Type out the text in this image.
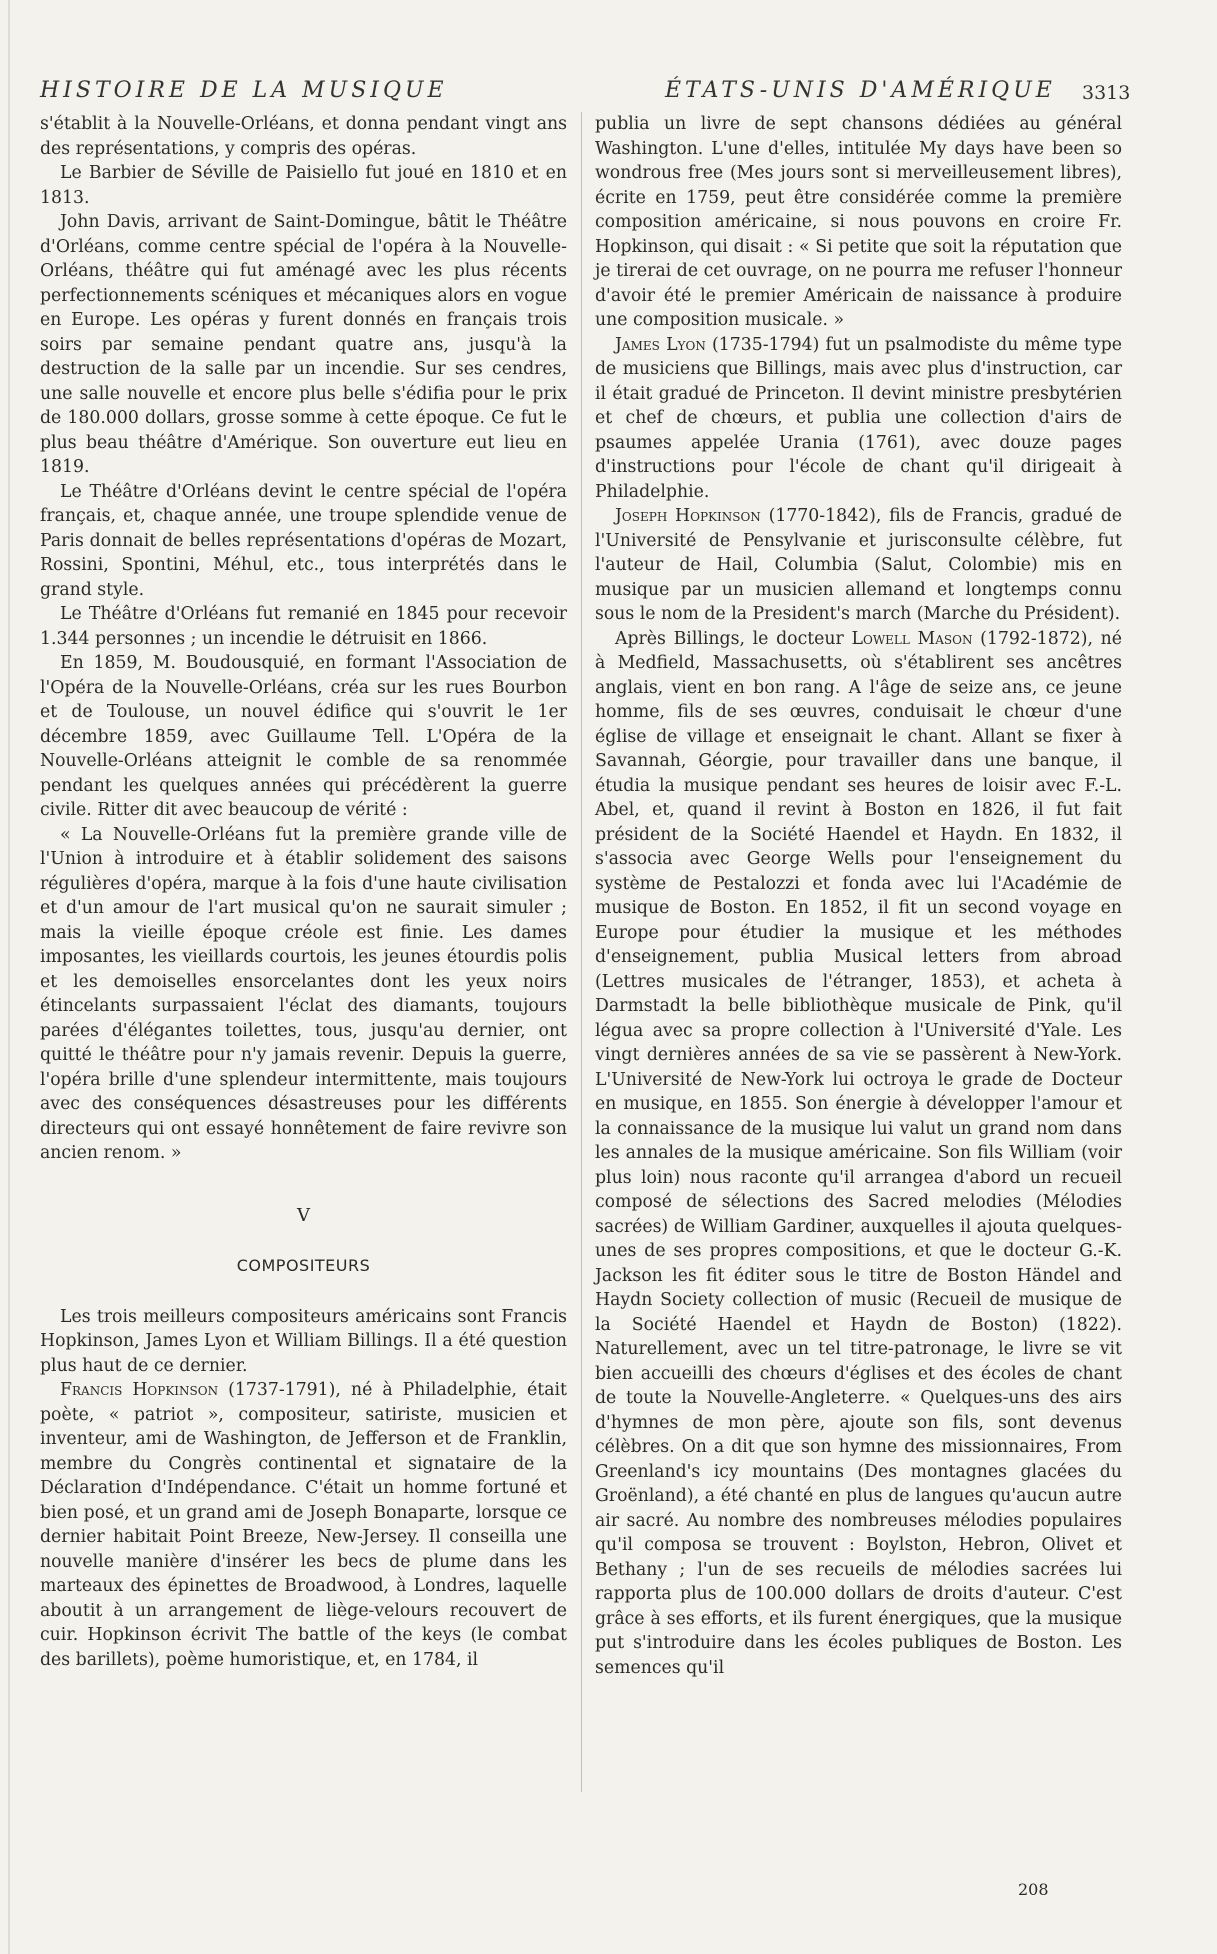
HISTOIRE DE LA MUSIQUE	ÉTATS-UNIS D'AMÉRIQUE 3313

s'établit à la Nouvelle-Orléans, et donna pendant vingt ans des représentations, y compris des opéras.

Le Barbier de Séville de Paisiello fut joué en 1810 et en 1813.

John Davis, arrivant de Saint-Domingue, bâtit le Théâtre d'Orléans, comme centre spécial de l'opéra à la Nouvelle-Orléans, théâtre qui fut aménagé avec les plus récents perfectionnements scéniques et mécaniques alors en vogue en Europe. Les opéras y furent donnés en français trois soirs par semaine pendant quatre ans, jusqu'à la destruction de la salle par un incendie. Sur ses cendres, une salle nouvelle et encore plus belle s'édifia pour le prix de 180.000 dollars, grosse somme à cette époque. Ce fut le plus beau théâtre d'Amérique. Son ouverture eut lieu en 1819.

Le Théâtre d'Orléans devint le centre spécial de l'opéra français, et, chaque année, une troupe splendide venue de Paris donnait de belles représentations d'opéras de Mozart, Rossini, Spontini, Méhul, etc., tous interprétés dans le grand style.

Le Théâtre d'Orléans fut remanié en 1845 pour recevoir 1.344 personnes ; un incendie le détruisit en 1866.

En 1859, M. Boudousquié, en formant l'Association de l'Opéra de la Nouvelle-Orléans, créa sur les rues Bourbon et de Toulouse, un nouvel édifice qui s'ouvrit le 1er décembre 1859, avec Guillaume Tell. L'Opéra de la Nouvelle-Orléans atteignit le comble de sa renommée pendant les quelques années qui précédèrent la guerre civile. Ritter dit avec beaucoup de vérité :

« La Nouvelle-Orléans fut la première grande ville de l'Union à introduire et à établir solidement des saisons régulières d'opéra, marque à la fois d'une haute civilisation et d'un amour de l'art musical qu'on ne saurait simuler ; mais la vieille époque créole est finie. Les dames imposantes, les vieillards courtois, les jeunes étourdis polis et les demoiselles ensorcelantes dont les yeux noirs étincelants surpassaient l'éclat des diamants, toujours parées d'élégantes toilettes, tous, jusqu'au dernier, ont quitté le théâtre pour n'y jamais revenir. Depuis la guerre, l'opéra brille d'une splendeur intermittente, mais toujours avec des conséquences désastreuses pour les différents directeurs qui ont essayé honnêtement de faire revivre son ancien renom. »

V
COMPOSITEURS

Les trois meilleurs compositeurs américains sont Francis Hopkinson, James Lyon et William Billings. Il a été question plus haut de ce dernier.

Francis Hopkinson (1737-1791), né à Philadelphie, était poète, « patriot », compositeur, satiriste, musicien et inventeur, ami de Washington, de Jefferson et de Franklin, membre du Congrès continental et signataire de la Déclaration d'Indépendance. C'était un homme fortuné et bien posé, et un grand ami de Joseph Bonaparte, lorsque ce dernier habitait Point Breeze, New-Jersey. Il conseilla une nouvelle manière d'insérer les becs de plume dans les marteaux des épinettes de Broadwood, à Londres, laquelle aboutit à un arrangement de liège-velours recouvert de cuir. Hopkinson écrivit The battle of the keys (le combat des barillets), poème humoristique, et, en 1784, il

publia un livre de sept chansons dédiées au général Washington. L'une d'elles, intitulée My days have been so wondrous free (Mes jours sont si merveilleusement libres), écrite en 1759, peut être considérée comme la première composition américaine, si nous pouvons en croire Fr. Hopkinson, qui disait : « Si petite que soit la réputation que je tirerai de cet ouvrage, on ne pourra me refuser l'honneur d'avoir été le premier Américain de naissance à produire une composition musicale. »

James Lyon (1735-1794) fut un psalmodiste du même type de musiciens que Billings, mais avec plus d'instruction, car il était gradué de Princeton. Il devint ministre presbytérien et chef de chœurs, et publia une collection d'airs de psaumes appelée Urania (1761), avec douze pages d'instructions pour l'école de chant qu'il dirigeait à Philadelphie.

Joseph Hopkinson (1770-1842), fils de Francis, gradué de l'Université de Pensylvanie et jurisconsulte célèbre, fut l'auteur de Hail, Columbia (Salut, Colombie) mis en musique par un musicien allemand et longtemps connu sous le nom de la President's march (Marche du Président).

Après Billings, le docteur Lowell Mason (1792-1872), né à Medfield, Massachusetts, où s'établirent ses ancêtres anglais, vient en bon rang. A l'âge de seize ans, ce jeune homme, fils de ses œuvres, conduisait le chœur d'une église de village et enseignait le chant. Allant se fixer à Savannah, Géorgie, pour travailler dans une banque, il étudia la musique pendant ses heures de loisir avec F.-L. Abel, et, quand il revint à Boston en 1826, il fut fait président de la Société Haendel et Haydn. En 1832, il s'associa avec George Wells pour l'enseignement du système de Pestalozzi et fonda avec lui l'Académie de musique de Boston. En 1852, il fit un second voyage en Europe pour étudier la musique et les méthodes d'enseignement, publia Musical letters from abroad (Lettres musicales de l'étranger, 1853), et acheta à Darmstadt la belle bibliothèque musicale de Pink, qu'il légua avec sa propre collection à l'Université d'Yale. Les vingt dernières années de sa vie se passèrent à New-York. L'Université de New-York lui octroya le grade de Docteur en musique, en 1855. Son énergie à développer l'amour et la connaissance de la musique lui valut un grand nom dans les annales de la musique américaine. Son fils William (voir plus loin) nous raconte qu'il arrangea d'abord un recueil composé de sélections des Sacred melodies (Mélodies sacrées) de William Gardiner, auxquelles il ajouta quelques-unes de ses propres compositions, et que le docteur G.-K. Jackson les fit éditer sous le titre de Boston Händel and Haydn Society collection of music (Recueil de musique de la Société Haendel et Haydn de Boston) (1822). Naturellement, avec un tel titre-patronage, le livre se vit bien accueilli des chœurs d'églises et des écoles de chant de toute la Nouvelle-Angleterre. « Quelques-uns des airs d'hymnes de mon père, ajoute son fils, sont devenus célèbres. On a dit que son hymne des missionnaires, From Greenland's icy mountains (Des montagnes glacées du Groënland), a été chanté en plus de langues qu'aucun autre air sacré. Au nombre des nombreuses mélodies populaires qu'il composa se trouvent : Boylston, Hebron, Olivet et Bethany ; l'un de ses recueils de mélodies sacrées lui rapporta plus de 100.000 dollars de droits d'auteur. C'est grâce à ses efforts, et ils furent énergiques, que la musique put s'introduire dans les écoles publiques de Boston. Les semences qu'il

208
